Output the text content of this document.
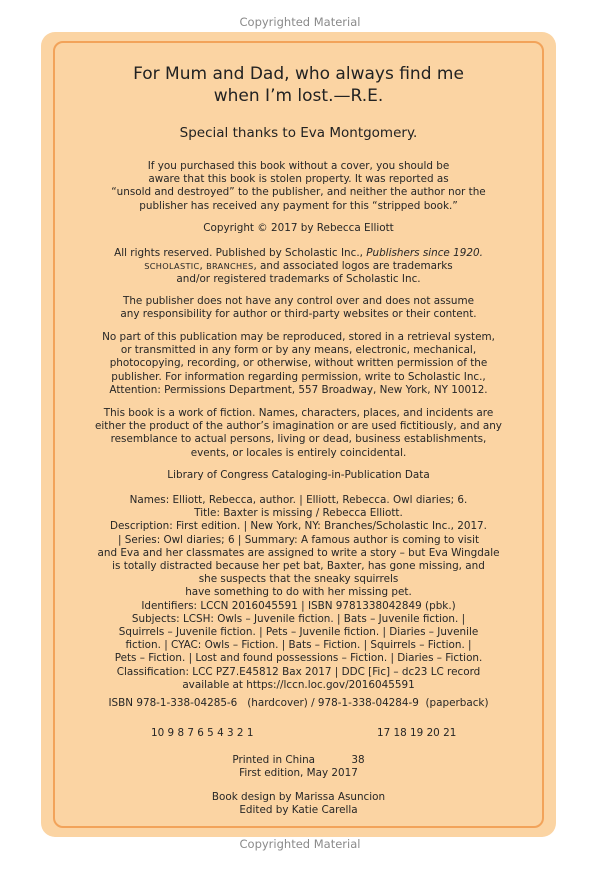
Copyrighted Material
For Mum and Dad, who always find me
when I’m lost.—R.E.
Special thanks to Eva Montgomery.

If you purchased this book without a cover, you should be

aware that this book is stolen property. It was reported as

“unsold and destroyed” to the publisher, and neither the author nor the

publisher has received any payment for this “stripped book.”

Copyright © 2017 by Rebecca Elliott

All rights reserved. Published by Scholastic Inc., Publishers since 1920.

SCHOLASTIC, BRANCHES, and associated logos are trademarks

and/or registered trademarks of Scholastic Inc.

The publisher does not have any control over and does not assume

any responsibility for author or third-party websites or their content.

No part of this publication may be reproduced, stored in a retrieval system,

or transmitted in any form or by any means, electronic, mechanical,

photocopying, recording, or otherwise, without written permission of the

publisher. For information regarding permission, write to Scholastic Inc.,

Attention: Permissions Department, 557 Broadway, New York, NY 10012.

This book is a work of fiction. Names, characters, places, and incidents are

either the product of the author’s imagination or are used fictitiously, and any

resemblance to actual persons, living or dead, business establishments,

events, or locales is entirely coincidental.

Library of Congress Cataloging-in-Publication Data

Names: Elliott, Rebecca, author. | Elliott, Rebecca. Owl diaries; 6.

Title: Baxter is missing / Rebecca Elliott.

Description: First edition. | New York, NY: Branches/Scholastic Inc., 2017.

| Series: Owl diaries; 6 | Summary: A famous author is coming to visit

and Eva and her classmates are assigned to write a story – but Eva Wingdale

is totally distracted because her pet bat, Baxter, has gone missing, and

she suspects that the sneaky squirrels

have something to do with her missing pet.

Identifiers: LCCN 2016045591 | ISBN 9781338042849 (pbk.)

Subjects: LCSH: Owls – Juvenile fiction. | Bats – Juvenile fiction. |

Squirrels – Juvenile fiction. | Pets – Juvenile fiction. | Diaries – Juvenile

fiction. | CYAC: Owls – Fiction. | Bats – Fiction. | Squirrels – Fiction. |

Pets – Fiction. | Lost and found possessions – Fiction. | Diaries – Fiction.

Classification: LCC PZ7.E45812 Bax 2017 | DDC [Fic] – dc23 LC record

available at https://lccn.loc.gov/2016045591

ISBN 978-1-338-04285-6   (hardcover) / 978-1-338-04284-9  (paperback)
10 9 8 7 6 5 4 3 2 1	17 18 19 20 21
Printed in China           38
First edition, May 2017

Book design by Marissa Asuncion

Edited by Katie Carella

Copyrighted Material
